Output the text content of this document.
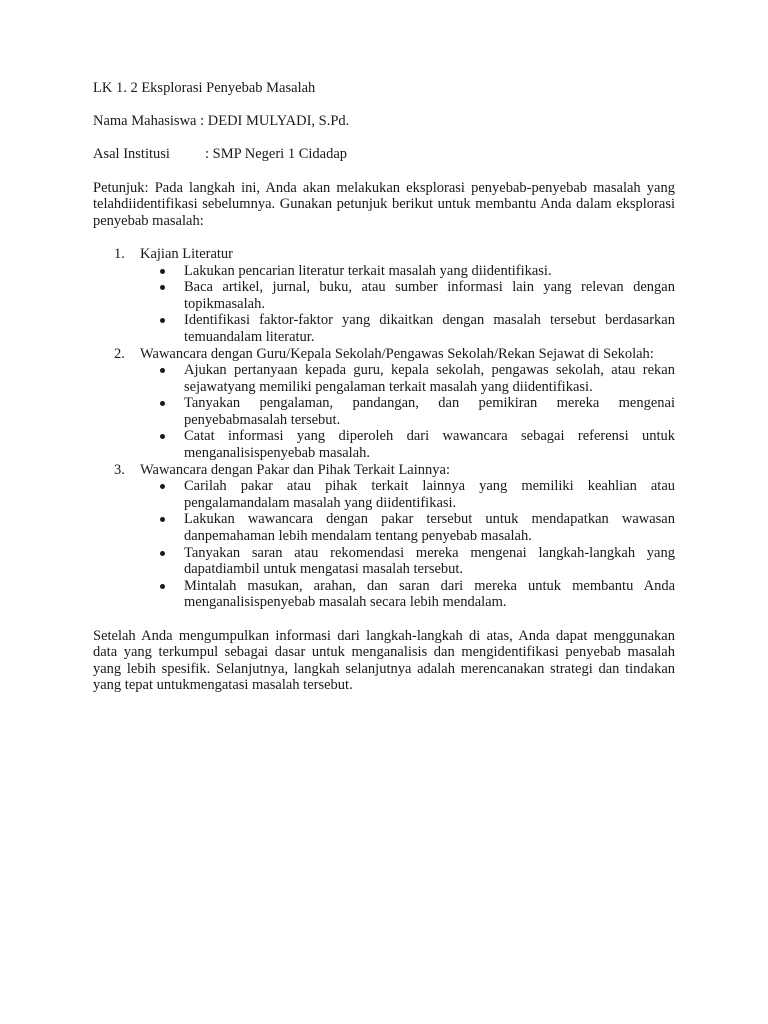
LK 1. 2 Eksplorasi Penyebab Masalah

Nama Mahasiswa : DEDI MULYADI, S.Pd.

Asal Institusi : SMP Negeri 1 Cidadap

Petunjuk: Pada langkah ini, Anda akan melakukan eksplorasi penyebab-penyebab masalah yang telahdiidentifikasi sebelumnya. Gunakan petunjuk berikut untuk membantu Anda dalam eksplorasi penyebab masalah:

1. Kajian Literatur
Lakukan pencarian literatur terkait masalah yang diidentifikasi.
Baca artikel, jurnal, buku, atau sumber informasi lain yang relevan dengan topikmasalah.
Identifikasi faktor-faktor yang dikaitkan dengan masalah tersebut berdasarkan temuandalam literatur.
2. Wawancara dengan Guru/Kepala Sekolah/Pengawas Sekolah/Rekan Sejawat di Sekolah:
Ajukan pertanyaan kepada guru, kepala sekolah, pengawas sekolah, atau rekan sejawatyang memiliki pengalaman terkait masalah yang diidentifikasi.
Tanyakan pengalaman, pandangan, dan pemikiran mereka mengenai penyebabmasalah tersebut.
Catat informasi yang diperoleh dari wawancara sebagai referensi untuk menganalisispenyebab masalah.
3. Wawancara dengan Pakar dan Pihak Terkait Lainnya:
Carilah pakar atau pihak terkait lainnya yang memiliki keahlian atau pengalamandalam masalah yang diidentifikasi.
Lakukan wawancara dengan pakar tersebut untuk mendapatkan wawasan danpemahaman lebih mendalam tentang penyebab masalah.
Tanyakan saran atau rekomendasi mereka mengenai langkah-langkah yang dapatdiambil untuk mengatasi masalah tersebut.
Mintalah masukan, arahan, dan saran dari mereka untuk membantu Anda menganalisispenyebab masalah secara lebih mendalam.

Setelah Anda mengumpulkan informasi dari langkah-langkah di atas, Anda dapat menggunakan data yang terkumpul sebagai dasar untuk menganalisis dan mengidentifikasi penyebab masalah yang lebih spesifik. Selanjutnya, langkah selanjutnya adalah merencanakan strategi dan tindakan yang tepat untukmengatasi masalah tersebut.
